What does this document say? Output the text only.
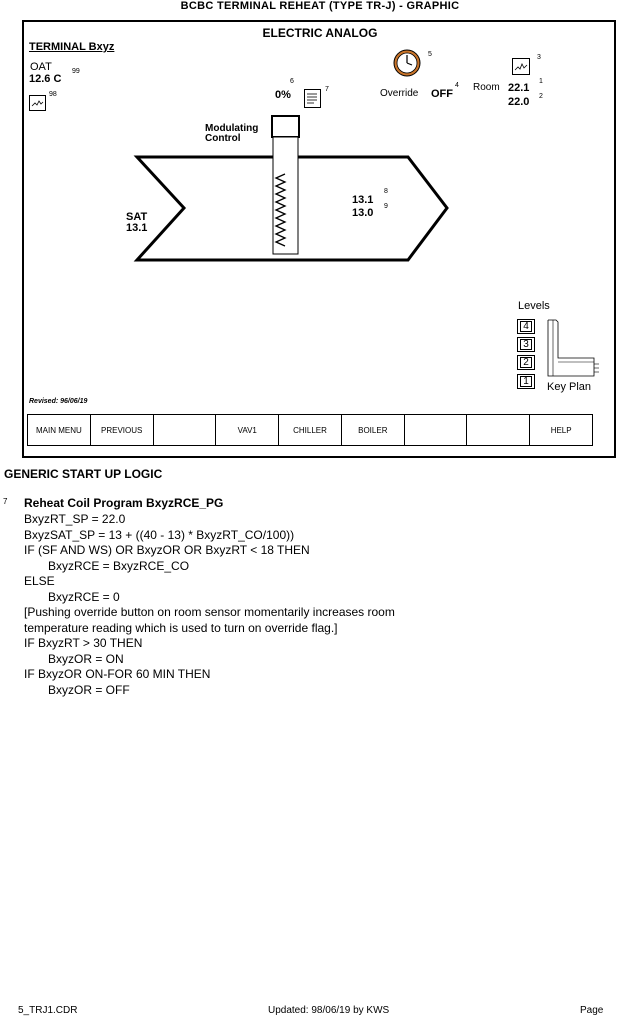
BCBC TERMINAL REHEAT (TYPE TR-J) - GRAPHIC
ELECTRIC ANALOG
TERMINAL Bxyz
OAT
12.6 C
99
98	0%
6
7
5
Override OFF
4 Room 22.1
1
22.0 2
3
Modulating
Control
SAT
13.1
13.1
8
13.0
9
Levels
4
3
2
1	Key Plan
Revised: 96/06/19
MAIN MENU	PREVIOUS	VAV1	CHILLER	BOILER	HELP
GENERIC START UP LOGIC
7 Reheat Coil Program BxyzRCE_PG
BxyzRT_SP = 22.0
BxyzSAT_SP = 13 + ((40 - 13) * BxyzRT_CO/100))
IF (SF AND WS) OR BxyzOR OR BxyzRT < 18 THEN
BxyzRCE = BxyzRCE_CO
ELSE
BxyzRCE = 0
[Pushing override button on room sensor momentarily increases room
temperature reading which is used to turn on override flag.]
IF BxyzRT > 30 THEN
BxyzOR = ON
IF BxyzOR ON-FOR 60 MIN THEN
BxyzOR = OFF
5_TRJ1.CDR	Updated: 98/06/19 by KWS	Page
